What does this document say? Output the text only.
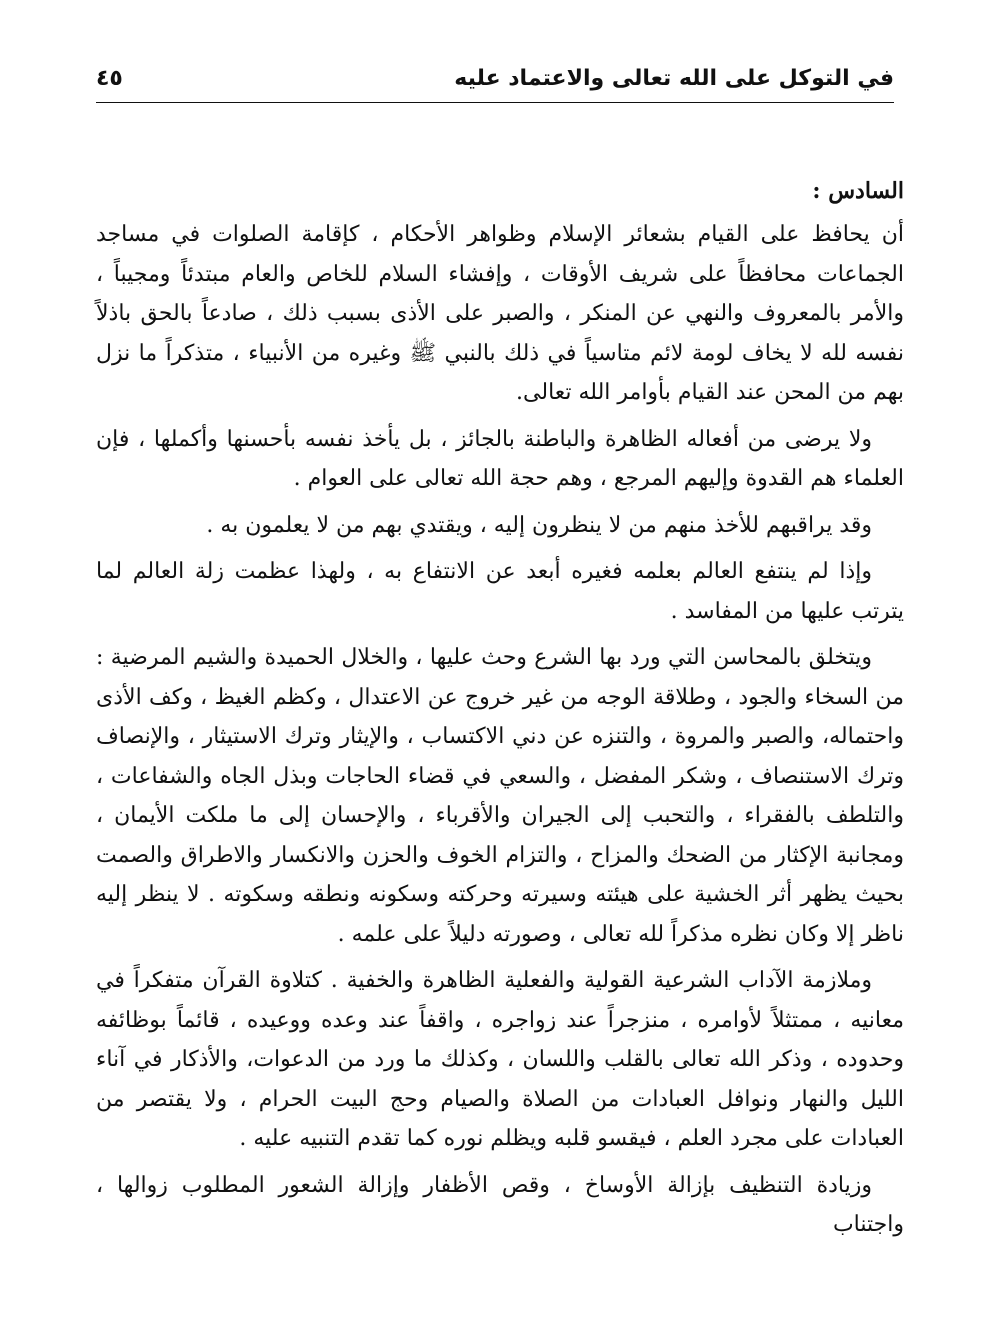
في التوكل على الله تعالى والاعتماد عليه
٤٥
السادس :

أن يحافظ على القيام بشعائر الإسلام وظواهر الأحكام ، كإقامة الصلوات في مساجد الجماعات محافظاً على شريف الأوقات ، وإفشاء السلام للخاص والعام مبتدئاً ومجيباً ، والأمر بالمعروف والنهي عن المنكر ، والصبر على الأذى بسبب ذلك ، صادعاً بالحق باذلاً نفسه لله لا يخاف لومة لائم متاسياً في ذلك بالنبي ﷺ وغيره من الأنبياء ، متذكراً ما نزل بهم من المحن عند القيام بأوامر الله تعالى.

ولا يرضى من أفعاله الظاهرة والباطنة بالجائز ، بل يأخذ نفسه بأحسنها وأكملها ، فإن العلماء هم القدوة وإليهم المرجع ، وهم حجة الله تعالى على العوام .

وقد يراقبهم للأخذ منهم من لا ينظرون إليه ، ويقتدي بهم من لا يعلمون به .

وإذا لم ينتفع العالم بعلمه فغيره أبعد عن الانتفاع به ، ولهذا عظمت زلة العالم لما يترتب عليها من المفاسد .

ويتخلق بالمحاسن التي ورد بها الشرع وحث عليها ، والخلال الحميدة والشيم المرضية : من السخاء والجود ، وطلاقة الوجه من غير خروج عن الاعتدال ، وكظم الغيظ ، وكف الأذى واحتماله، والصبر والمروة ، والتنزه عن دني الاكتساب ، والإيثار وترك الاستيثار ، والإنصاف وترك الاستنصاف ، وشكر المفضل ، والسعي في قضاء الحاجات وبذل الجاه والشفاعات ، والتلطف بالفقراء ، والتحبب إلى الجيران والأقرباء ، والإحسان إلى ما ملكت الأيمان ، ومجانبة الإكثار من الضحك والمزاح ، والتزام الخوف والحزن والانكسار والاطراق والصمت بحيث يظهر أثر الخشية على هيئته وسيرته وحركته وسكونه ونطقه وسكوته . لا ينظر إليه ناظر إلا وكان نظره مذكراً لله تعالى ، وصورته دليلاً على علمه .

وملازمة الآداب الشرعية القولية والفعلية الظاهرة والخفية . كتلاوة القرآن متفكراً في معانيه ، ممتثلاً لأوامره ، منزجراً عند زواجره ، واقفاً عند وعده ووعيده ، قائماً بوظائفه وحدوده ، وذكر الله تعالى بالقلب واللسان ، وكذلك ما ورد من الدعوات، والأذكار في آناء الليل والنهار ونوافل العبادات من الصلاة والصيام وحج البيت الحرام ، ولا يقتصر من العبادات على مجرد العلم ، فيقسو قلبه ويظلم نوره كما تقدم التنبيه عليه .

وزيادة التنظيف بإزالة الأوساخ ، وقص الأظفار وإزالة الشعور المطلوب زوالها ، واجتناب
